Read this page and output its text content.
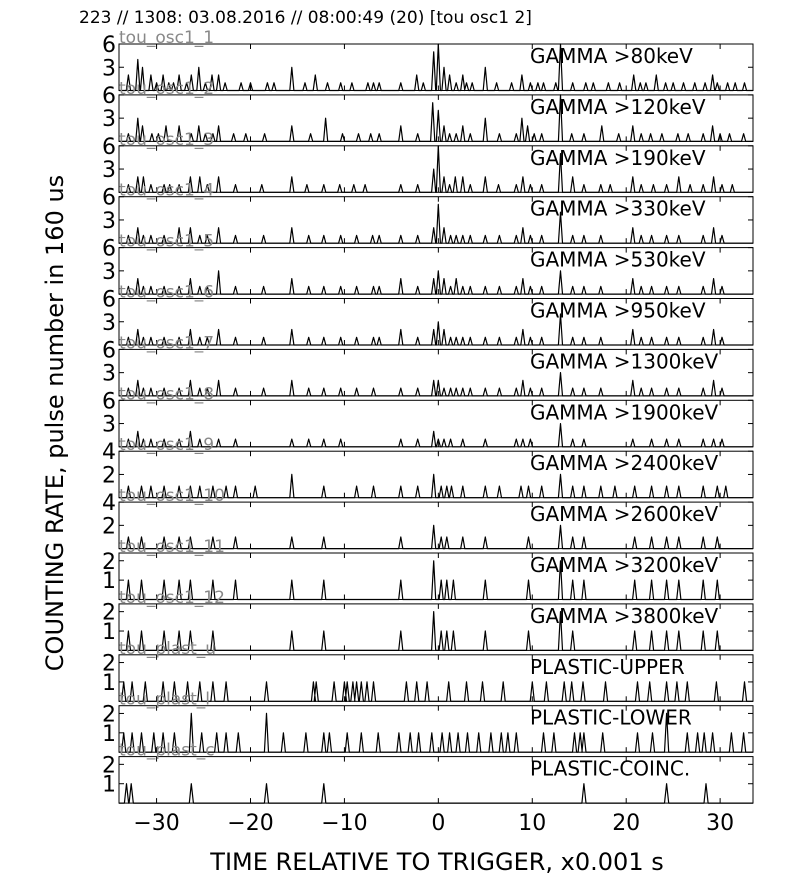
223 // 1308: 03.08.2016 // 08:00:49 (20) [tou osc1 2]
COUNTING RATE, pulse number in 160 us
TIME RELATIVE TO TRIGGER, x0.001 s
3
6	GAMMA >80keV
tou_osc1_1
3
6	GAMMA >120keV
tou_osc1_2
3
6	GAMMA >190keV
tou_osc1_3
3
6	GAMMA >330keV
tou_osc1_4
3
6	GAMMA >530keV
tou_osc1_5
3
6	GAMMA >950keV
tou_osc1_6
3
6	GAMMA >1300keV
tou_osc1_7
3
6	GAMMA >1900keV
tou_osc1_8
2
4	GAMMA >2400keV
tou_osc1_9
2
4	GAMMA >2600keV
tou_osc1_10
1
2	GAMMA >3200keV
tou_osc1_11
1
2	GAMMA >3800keV
tou_osc1_12
1
2	PLASTIC-UPPER
tou_plast_u
1
2	PLASTIC-LOWER
tou_plast_l
1
2	PLASTIC-COINC.
tou_plast_c
−30 −20 −10	0	10	20	30
